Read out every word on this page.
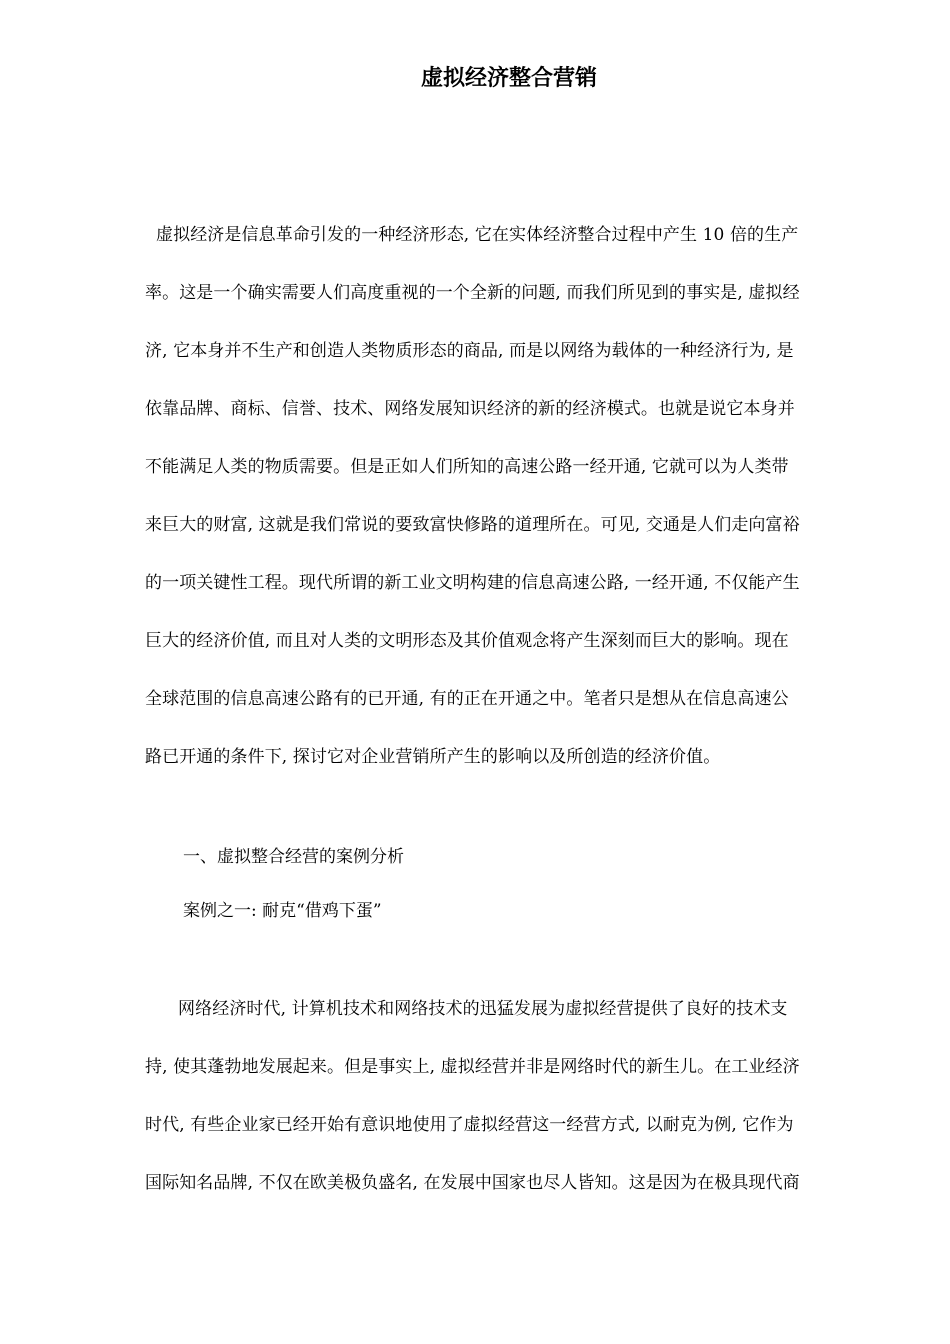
虚拟经济整合营销
虚拟经济是信息革命引发的一种经济形态, 它在实体经济整合过程中产生 10 倍的生产
率。这是一个确实需要人们高度重视的一个全新的问题, 而我们所见到的事实是, 虚拟经
济, 它本身并不生产和创造人类物质形态的商品, 而是以网络为载体的一种经济行为, 是
依靠品牌、商标、信誉、技术、网络发展知识经济的新的经济模式。也就是说它本身并
不能满足人类的物质需要。但是正如人们所知的高速公路一经开通, 它就可以为人类带
来巨大的财富, 这就是我们常说的要致富快修路的道理所在。可见, 交通是人们走向富裕
的一项关键性工程。现代所谓的新工业文明构建的信息高速公路, 一经开通, 不仅能产生
巨大的经济价值, 而且对人类的文明形态及其价值观念将产生深刻而巨大的影响。现在
全球范围的信息高速公路有的已开通, 有的正在开通之中。笔者只是想从在信息高速公
路已开通的条件下, 探讨它对企业营销所产生的影响以及所创造的经济价值。
一、虚拟整合经营的案例分析
案例之一: 耐克“借鸡下蛋”
网络经济时代, 计算机技术和网络技术的迅猛发展为虚拟经营提供了良好的技术支
持, 使其蓬勃地发展起来。但是事实上, 虚拟经营并非是网络时代的新生儿。在工业经济
时代, 有些企业家已经开始有意识地使用了虚拟经营这一经营方式, 以耐克为例, 它作为
国际知名品牌, 不仅在欧美极负盛名, 在发展中国家也尽人皆知。这是因为在极具现代商
